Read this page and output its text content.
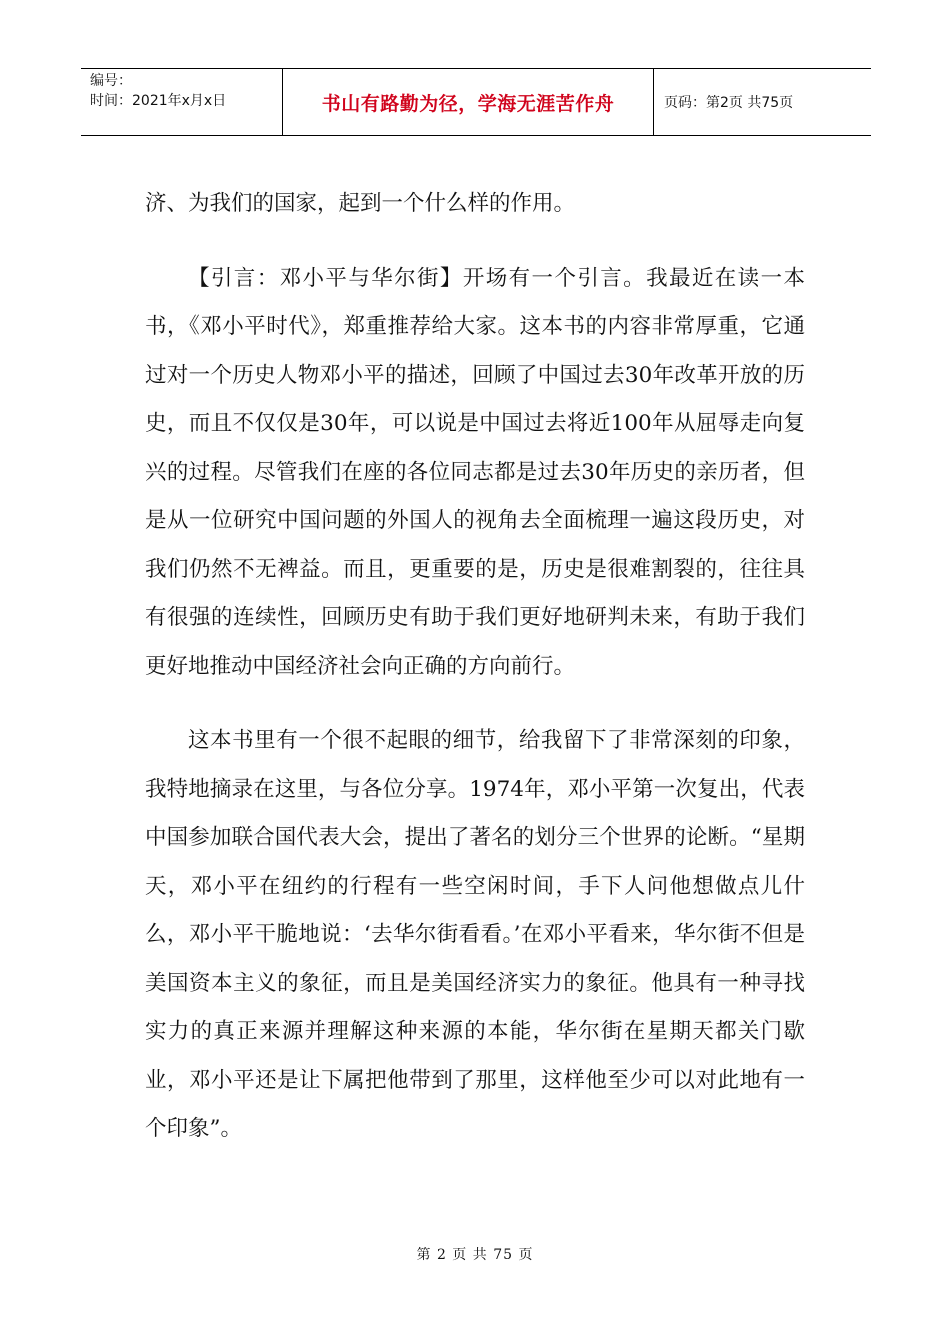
编号：
时间：2021年x月x日	书山有路勤为径，学海无涯苦作舟	页码：第2页 共75页

济、为我们的国家，起到一个什么样的作用。

【引言：邓小平与华尔街】开场有一个引言。我最近在读一本书，《邓小平时代》，郑重推荐给大家。这本书的内容非常厚重，它通过对一个历史人物邓小平的描述，回顾了中国过去30年改革开放的历史，而且不仅仅是30年，可以说是中国过去将近100年从屈辱走向复兴的过程。尽管我们在座的各位同志都是过去30年历史的亲历者，但是从一位研究中国问题的外国人的视角去全面梳理一遍这段历史，对我们仍然不无裨益。而且，更重要的是，历史是很难割裂的，往往具有很强的连续性，回顾历史有助于我们更好地研判未来，有助于我们更好地推动中国经济社会向正确的方向前行。

这本书里有一个很不起眼的细节，给我留下了非常深刻的印象，我特地摘录在这里，与各位分享。1974年，邓小平第一次复出，代表中国参加联合国代表大会，提出了著名的划分三个世界的论断。“星期天，邓小平在纽约的行程有一些空闲时间，手下人问他想做点儿什么，邓小平干脆地说：‘去华尔街看看。’在邓小平看来，华尔街不但是美国资本主义的象征，而且是美国经济实力的象征。他具有一种寻找实力的真正来源并理解这种来源的本能，华尔街在星期天都关门歇业，邓小平还是让下属把他带到了那里，这样他至少可以对此地有一个印象”。

第 2 页 共 75 页
